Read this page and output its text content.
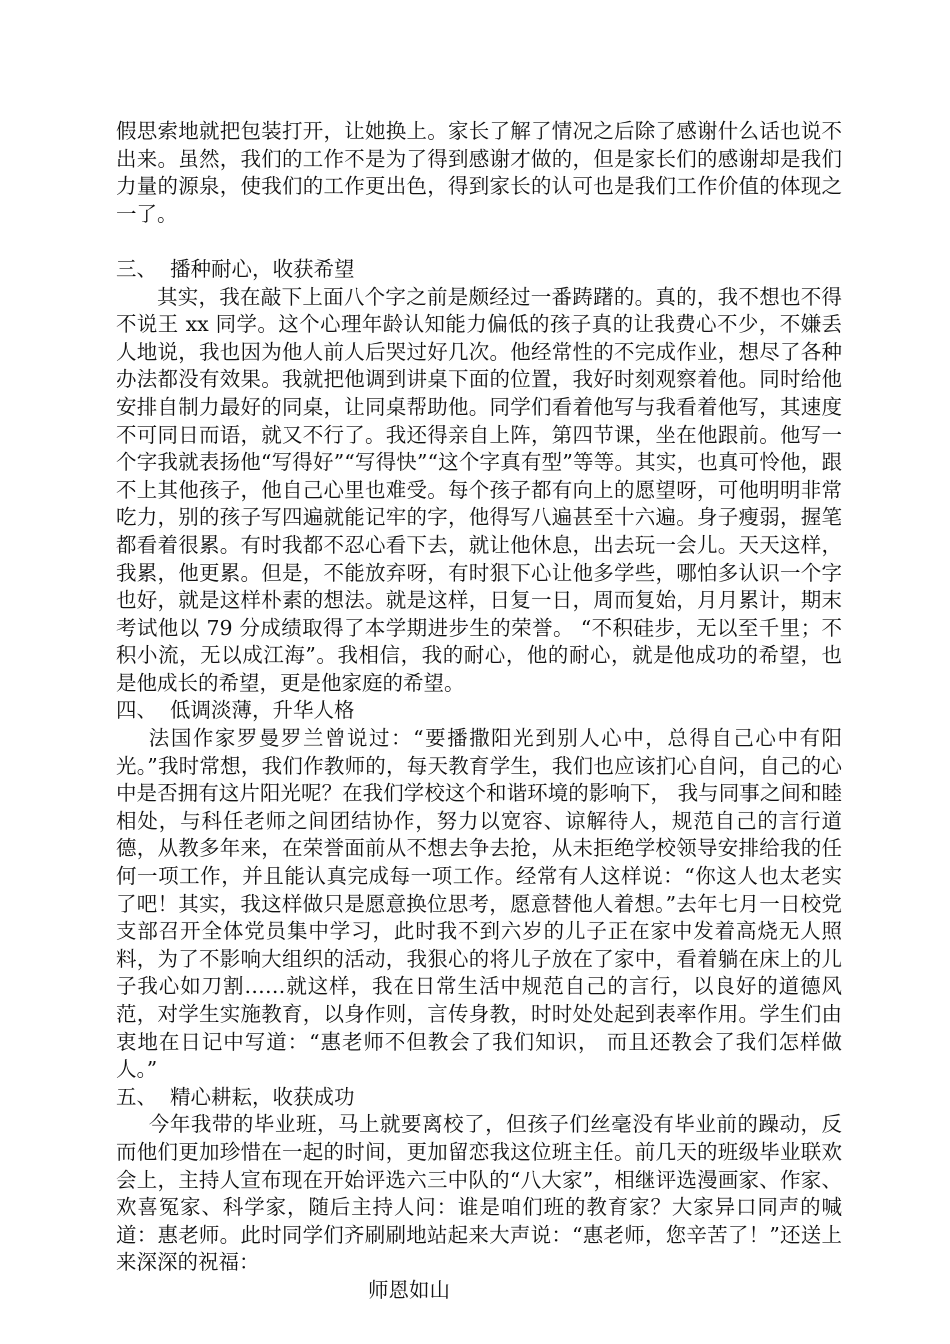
假思索地就把包装打开，让她换上。家长了解了情况之后除了感谢什么话也说不出来。虽然，我们的工作不是为了得到感谢才做的，但是家长们的感谢却是我们力量的源泉，使我们的工作更出色，得到家长的认可也是我们工作价值的体现之一了。

三、  播种耐心，收获希望

其实，我在敲下上面八个字之前是颇经过一番踌躇的。真的，我不想也不得不说王 xx 同学。这个心理年龄认知能力偏低的孩子真的让我费心不少，不嫌丢人地说，我也因为他人前人后哭过好几次。他经常性的不完成作业，想尽了各种办法都没有效果。我就把他调到讲桌下面的位置，我好时刻观察着他。同时给他安排自制力最好的同桌，让同桌帮助他。同学们看着他写与我看着他写，其速度不可同日而语，就又不行了。我还得亲自上阵，第四节课，坐在他跟前。他写一个字我就表扬他“写得好”“写得快”“这个字真有型”等等。其实，也真可怜他，跟不上其他孩子，他自己心里也难受。每个孩子都有向上的愿望呀，可他明明非常吃力，别的孩子写四遍就能记牢的字，他得写八遍甚至十六遍。身子瘦弱，握笔都看着很累。有时我都不忍心看下去，就让他休息，出去玩一会儿。天天这样，我累，他更累。但是，不能放弃呀，有时狠下心让他多学些，哪怕多认识一个字也好，就是这样朴素的想法。就是这样，日复一日，周而复始，月月累计，期末考试他以 79 分成绩取得了本学期进步生的荣誉。 “不积硅步，无以至千里；不积小流，无以成江海”。我相信，我的耐心，他的耐心，就是他成功的希望，也是他成长的希望，更是他家庭的希望。

四、  低调淡薄，升华人格

法国作家罗曼罗兰曾说过：“要播撒阳光到别人心中，总得自己心中有阳光。”我时常想，我们作教师的，每天教育学生，我们也应该扪心自问，自己的心中是否拥有这片阳光呢？在我们学校这个和谐环境的影响下， 我与同事之间和睦相处，与科任老师之间团结协作，努力以宽容、谅解待人，规范自己的言行道德，从教多年来，在荣誉面前从不想去争去抢，从未拒绝学校领导安排给我的任何一项工作，并且能认真完成每一项工作。经常有人这样说：“你这人也太老实了吧！其实，我这样做只是愿意换位思考，愿意替他人着想。”去年七月一日校党支部召开全体党员集中学习，此时我不到六岁的儿子正在家中发着高烧无人照料，为了不影响大组织的活动，我狠心的将儿子放在了家中，看着躺在床上的儿子我心如刀割……就这样，我在日常生活中规范自己的言行，以良好的道德风范，对学生实施教育，以身作则，言传身教，时时处处起到表率作用。学生们由衷地在日记中写道：“惠老师不但教会了我们知识， 而且还教会了我们怎样做人。”

五、  精心耕耘，收获成功

今年我带的毕业班，马上就要离校了，但孩子们丝毫没有毕业前的躁动，反而他们更加珍惜在一起的时间，更加留恋我这位班主任。前几天的班级毕业联欢会上，主持人宣布现在开始评选六三中队的“八大家”，相继评选漫画家、作家、欢喜冤家、科学家，随后主持人问：谁是咱们班的教育家？大家异口同声的喊道：惠老师。此时同学们齐刷刷地站起来大声说：“惠老师，您辛苦了！”还送上来深深的祝福：

师恩如山
